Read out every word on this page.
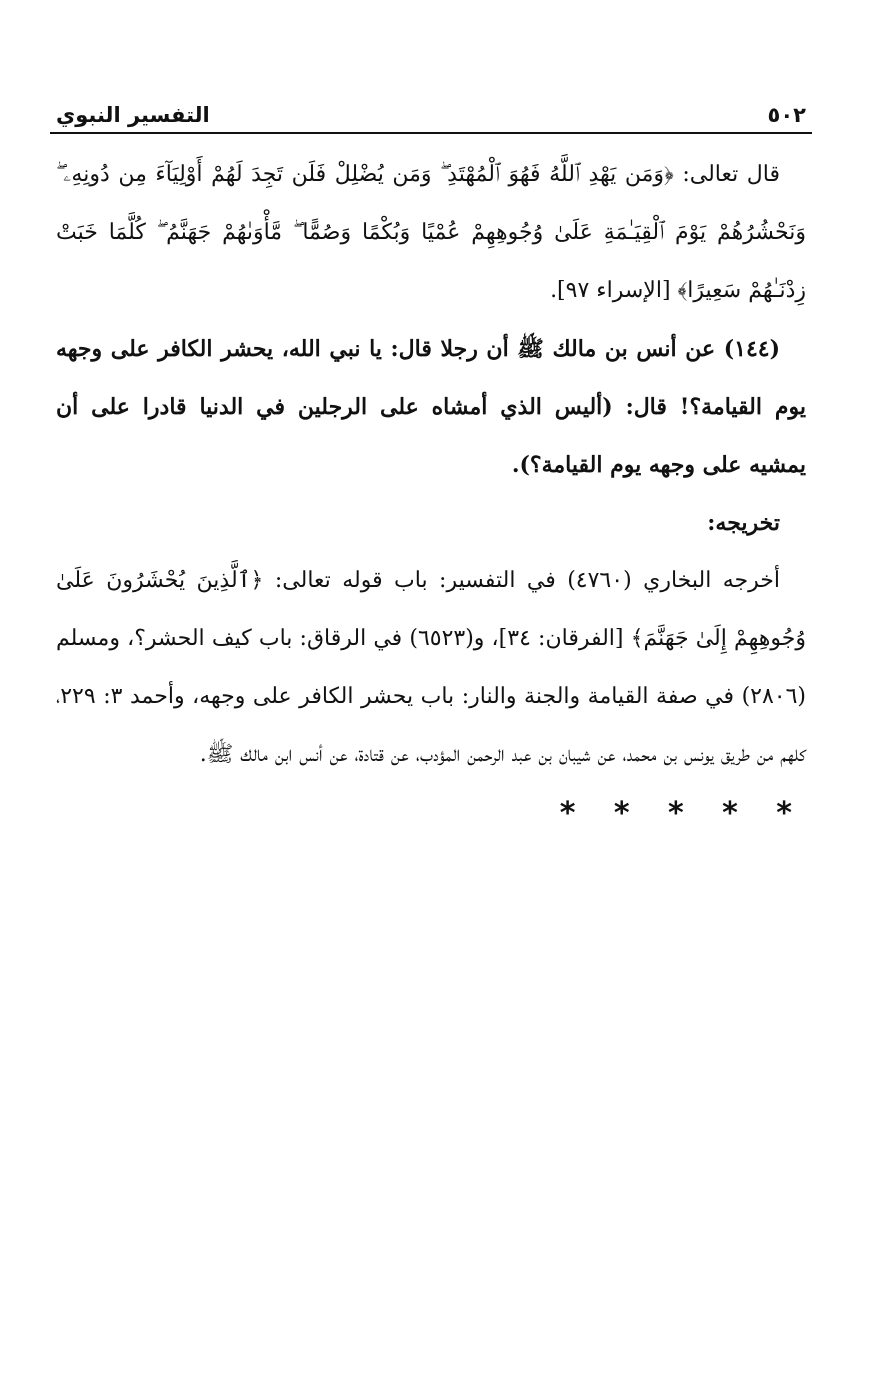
٥٠٢
التفسير النبوي

قال تعالى: ﴿وَمَن يَهْدِ ٱللَّهُ فَهُوَ ٱلْمُهْتَدِ ۖ وَمَن يُضْلِلْ فَلَن تَجِدَ لَهُمْ أَوْلِيَآءَ مِن دُونِهِۦ ۖ وَنَحْشُرُهُمْ يَوْمَ ٱلْقِيَـٰمَةِ عَلَىٰ وُجُوهِهِمْ عُمْيًا وَبُكْمًا وَصُمًّا ۖ مَّأْوَىٰهُمْ جَهَنَّمُ ۖ كُلَّمَا خَبَتْ زِدْنَـٰهُمْ سَعِيرًا﴾ [الإسراء ٩٧].

(١٤٤) عن أنس بن مالك ﷺ أن رجلا قال: يا نبي الله، يحشر الكافر على وجهه يوم القيامة؟! قال: (أليس الذي أمشاه على الرجلين في الدنيا قادرا على أن يمشيه على وجهه يوم القيامة؟).

تخريجه:

أخرجه البخاري (٤٧٦٠) في التفسير: باب قوله تعالى: ﴿ٱلَّذِينَ يُحْشَرُونَ عَلَىٰ وُجُوهِهِمْ إِلَىٰ جَهَنَّمَ﴾ [الفرقان: ٣٤]، و(٦٥٢٣) في الرقاق: باب كيف الحشر؟، ومسلم (٢٨٠٦) في صفة القيامة والجنة والنار: باب يحشر الكافر على وجهه، وأحمد ٣: ٢٢٩، كلهم من طريق يونس بن محمد، عن شيبان بن عبد الرحمن المؤدب، عن قتادة، عن أنس ابن مالك ﷺ.

* * * * *
